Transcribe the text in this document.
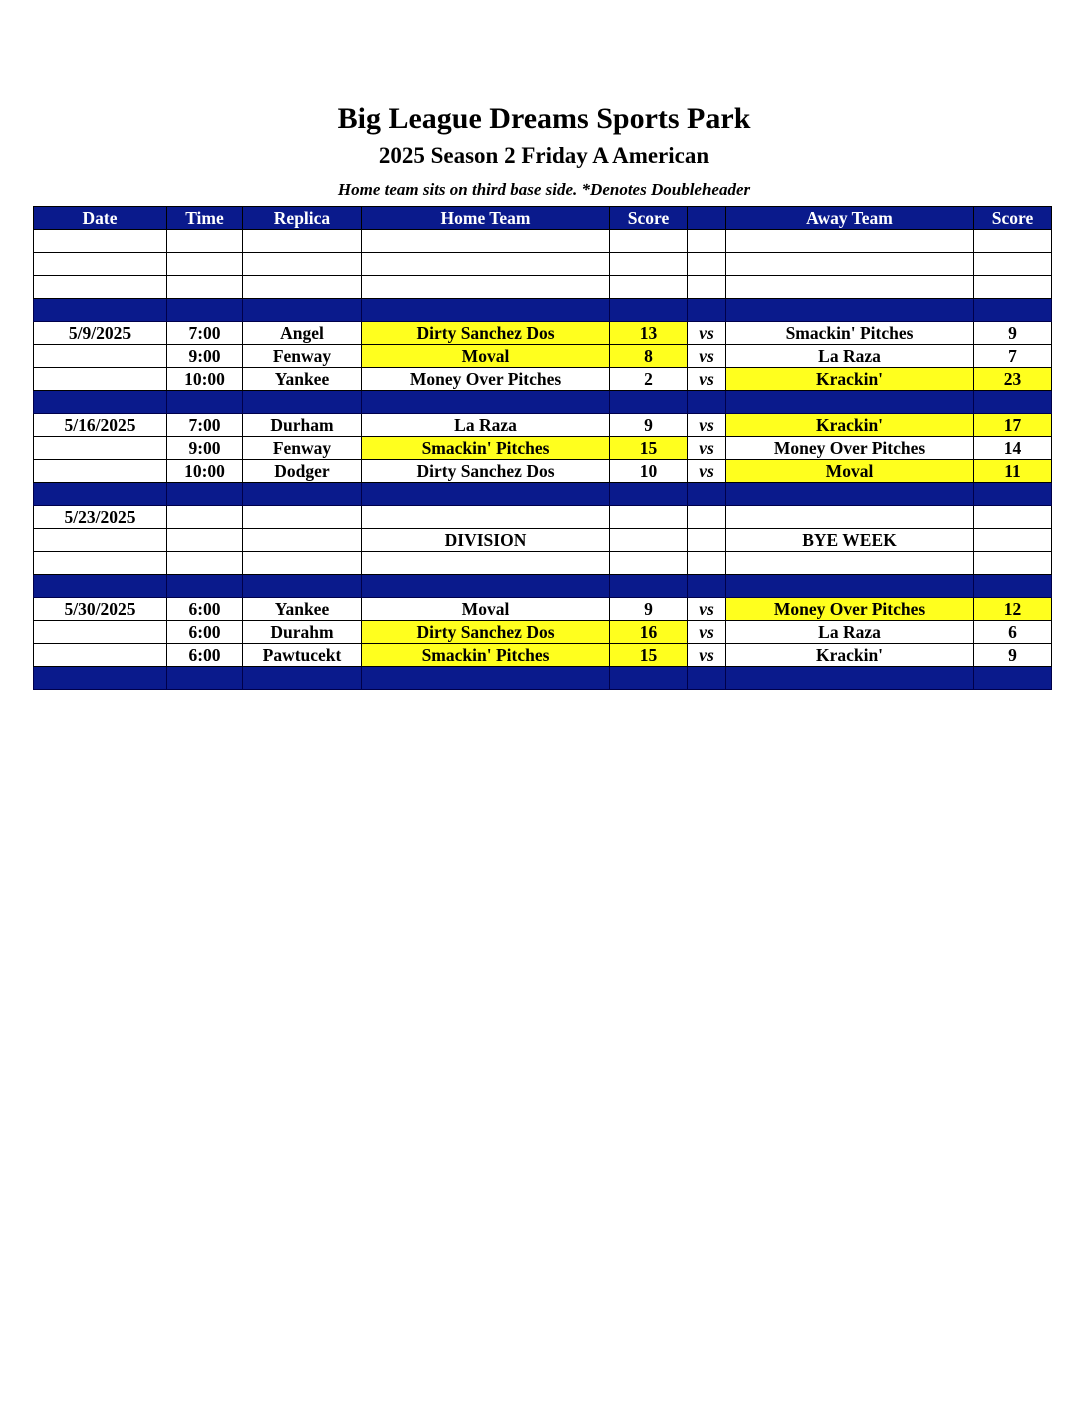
Big League Dreams Sports Park
2025 Season 2 Friday A American
Home team sits on third base side. *Denotes Doubleheader
Date	Time	Replica	Home Team	Score		Away Team	Score

5/9/2025	7:00	Angel	Dirty Sanchez Dos	13	vs	Smackin' Pitches	9
	9:00	Fenway	Moval	8	vs	La Raza	7
	10:00	Yankee	Money Over Pitches	2	vs	Krackin'	23

5/16/2025	7:00	Durham	La Raza	9	vs	Krackin'	17
	9:00	Fenway	Smackin' Pitches	15	vs	Money Over Pitches	14
	10:00	Dodger	Dirty Sanchez Dos	10	vs	Moval	11

5/23/2025							
			DIVISION			BYE WEEK	

5/30/2025	6:00	Yankee	Moval	9	vs	Money Over Pitches	12
	6:00	Durahm	Dirty Sanchez Dos	16	vs	La Raza	6
	6:00	Pawtucekt	Smackin' Pitches	15	vs	Krackin'	9
